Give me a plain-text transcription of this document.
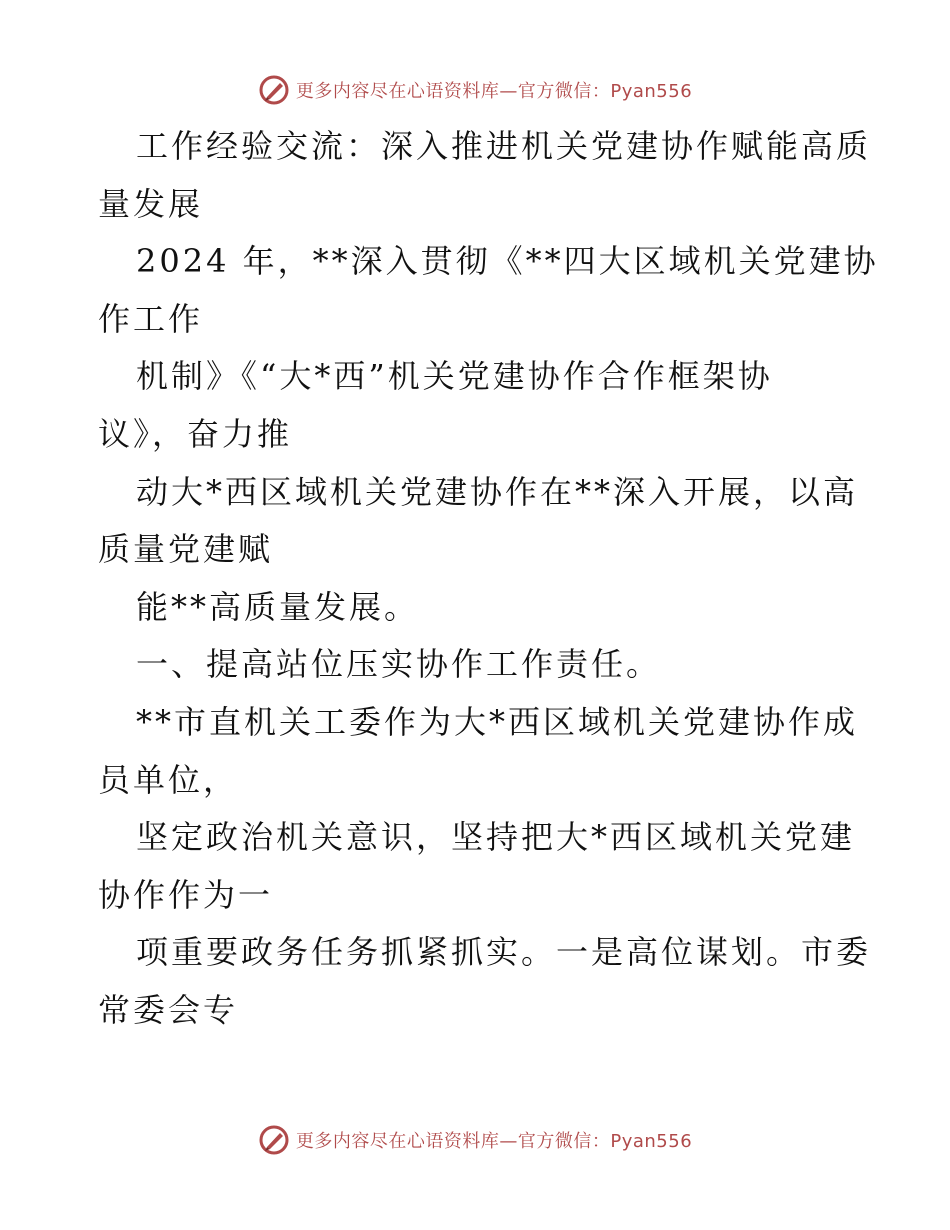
更多内容尽在心语资料库—官方微信：Pyan556

工作经验交流：深入推进机关党建协作赋能高质

量发展

2024 年，**深入贯彻《**四大区域机关党建协

作工作

机制》《“大*西”机关党建协作合作框架协

议》，奋力推

动大*西区域机关党建协作在**深入开展，以高

质量党建赋

能**高质量发展。

一、提高站位压实协作工作责任。

**市直机关工委作为大*西区域机关党建协作成

员单位，

坚定政治机关意识，坚持把大*西区域机关党建

协作作为一

项重要政务任务抓紧抓实。一是高位谋划。市委

常委会专

更多内容尽在心语资料库—官方微信：Pyan556
